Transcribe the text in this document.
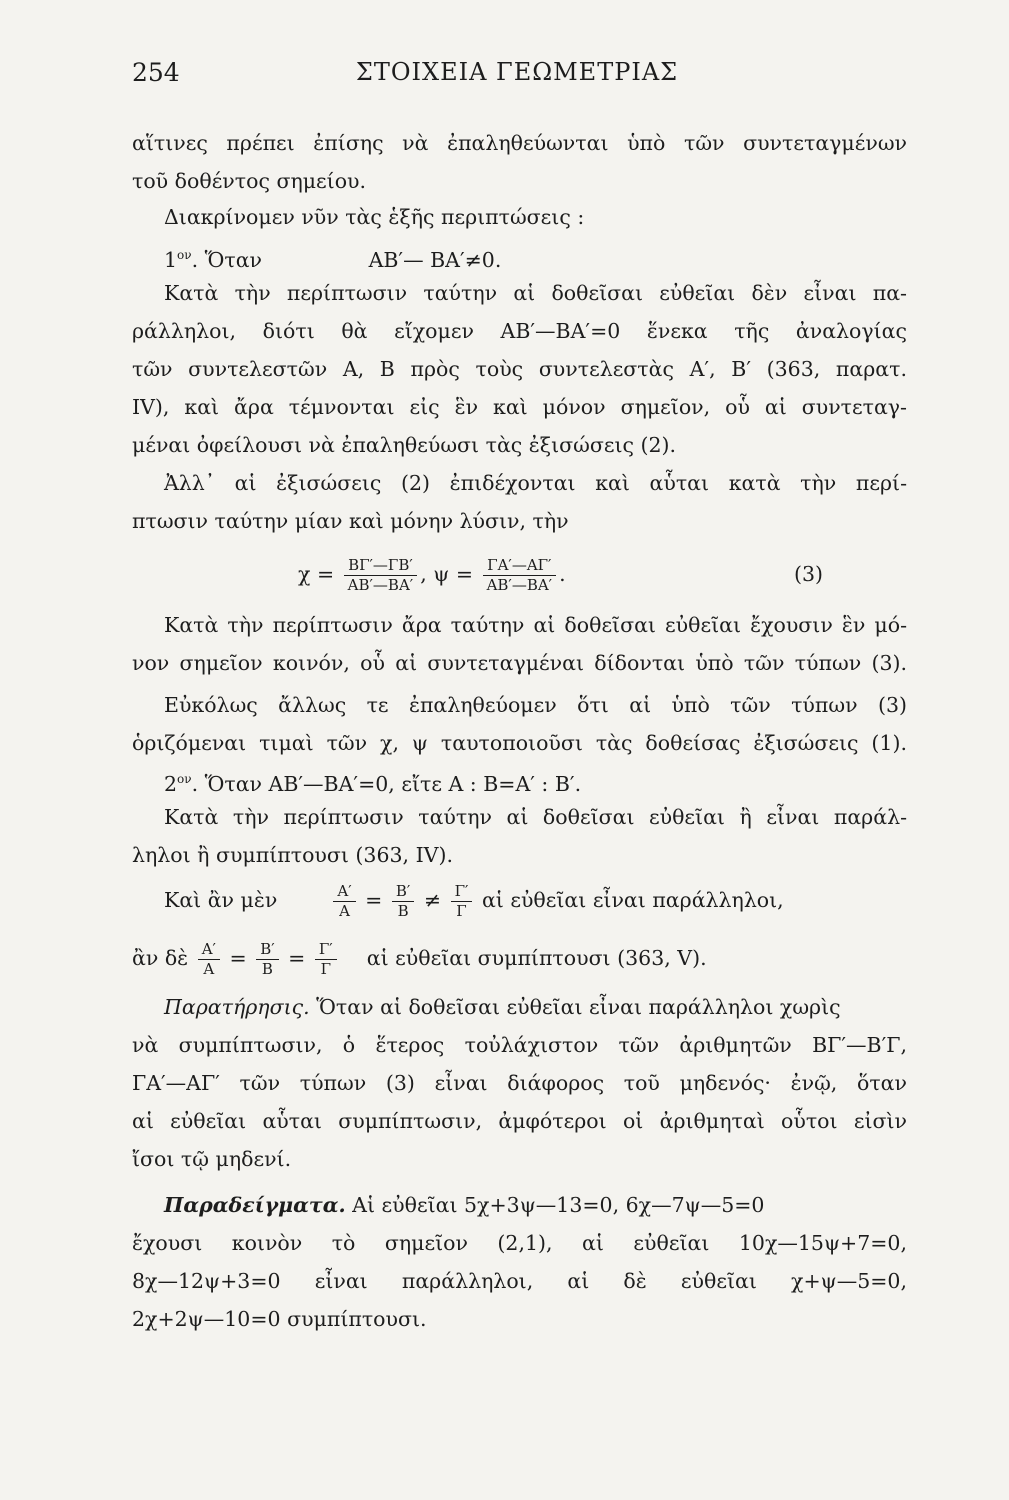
254	ΣΤΟΙΧΕΙΑ ΓΕΩΜΕΤΡΙΑΣ
αἵτινες πρέπει ἐπίσης νὰ ἐπαληθεύωνται ὑπὸ τῶν συντεταγμένων
τοῦ δοθέντος σημείου.
Διακρίνομεν νῦν τὰς ἑξῆς περιπτώσεις :
$1^{o\nu}$. Ὅταν	ΑΒ′— ΒΑ′≠0.
Κατὰ τὴν περίπτωσιν ταύτην αἱ δοθεῖσαι εὐθεῖαι δὲν εἶναι πα-
ράλληλοι, διότι θὰ εἴχομεν ΑΒ′—ΒΑ′=0 ἕνεκα τῆς ἀναλογίας
τῶν συντελεστῶν Α, Β πρὸς τοὺς συντελεστὰς Α′, Β′ (363, παρατ.
IV), καὶ ἄρα τέμνονται εἰς ἓν καὶ μόνον σημεῖον, οὗ αἱ συντεταγ-
μέναι ὀφείλουσι νὰ ἐπαληθεύωσι τὰς ἐξισώσεις (2).
Ἀλλ᾽ αἱ ἐξισώσεις (2) ἐπιδέχονται καὶ αὗται κατὰ τὴν περί-
πτωσιν ταύτην μίαν καὶ μόνην λύσιν, τὴν
$\chi = \frac{B\Gamma'—\Gamma B'}{AB'—BA'}$ , $\psi = \frac{\Gamma A'—A\Gamma'}{AB'—BA'}$ .	(3)
Κατὰ τὴν περίπτωσιν ἄρα ταύτην αἱ δοθεῖσαι εὐθεῖαι ἔχουσιν ἓν μό-
νον σημεῖον κοινόν, οὗ αἱ συντεταγμέναι δίδονται ὑπὸ τῶν τύπων (3).
Εὐκόλως ἄλλως τε ἐπαληθεύομεν ὅτι αἱ ὑπὸ τῶν τύπων (3)
ὁριζόμεναι τιμαὶ τῶν χ, ψ ταυτοποιοῦσι τὰς δοθείσας ἐξισώσεις (1).
$2^{o\nu}$. Ὅταν ΑΒ′—ΒΑ′=0, εἴτε Α : Β=Α′ : Β′.
Κατὰ τὴν περίπτωσιν ταύτην αἱ δοθεῖσαι εὐθεῖαι ἢ εἶναι παράλ-
ληλοι ἢ συμπίπτουσι (363, IV).
Καὶ ἂν μὲν	$\frac{A'}{A} = \frac{B'}{B} \ne \frac{\Gamma'}{\Gamma}$ αἱ εὐθεῖαι εἶναι παράλληλοι,
ἂν δὲ $\frac{A'}{A} = \frac{B'}{B} = \frac{\Gamma'}{\Gamma}$ αἱ εὐθεῖαι συμπίπτουσι (363, V).
Παρατήρησις. Ὅταν αἱ δοθεῖσαι εὐθεῖαι εἶναι παράλληλοι χωρὶς
νὰ συμπίπτωσιν, ὁ ἕτερος τοὐλάχιστον τῶν ἀριθμητῶν ΒΓ′—Β′Γ,
ΓΑ′—ΑΓ′ τῶν τύπων (3) εἶναι διάφορος τοῦ μηδενός· ἐνῷ, ὅταν
αἱ εὐθεῖαι αὗται συμπίπτωσιν, ἀμφότεροι οἱ ἀριθμηταὶ οὗτοι εἰσὶν
ἴσοι τῷ μηδενί.
Παραδείγματα. Αἱ εὐθεῖαι 5χ+3ψ—13=0, 6χ—7ψ—5=0
ἔχουσι κοινὸν τὸ σημεῖον (2,1), αἱ εὐθεῖαι 10χ—15ψ+7=0,
8χ—12ψ+3=0 εἶναι παράλληλοι, αἱ δὲ εὐθεῖαι χ+ψ—5=0,
2χ+2ψ—10=0 συμπίπτουσι.
